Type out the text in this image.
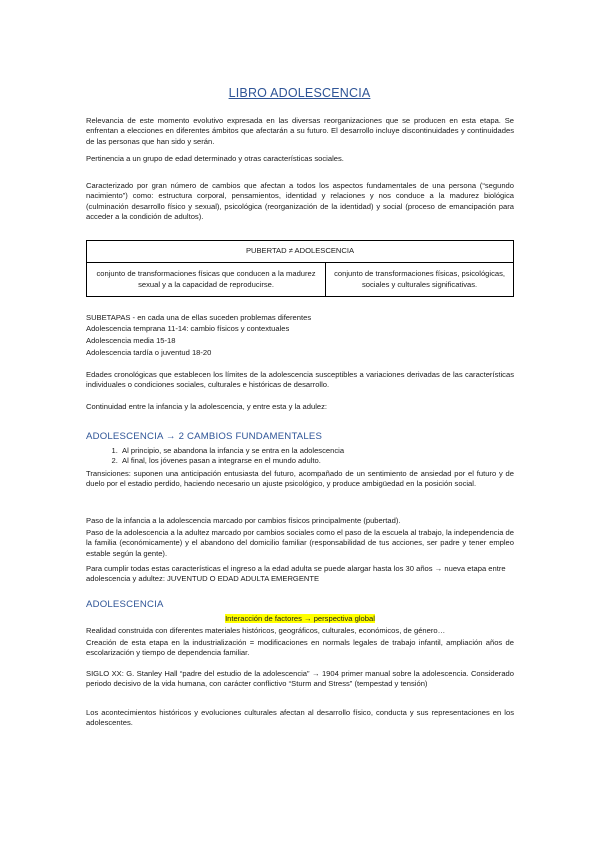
LIBRO ADOLESCENCIA

Relevancia de este momento evolutivo expresada en las diversas reorganizaciones que se producen en esta etapa. Se enfrentan a elecciones en diferentes ámbitos que afectarán a su futuro. El desarrollo incluye discontinuidades y continuidades de las personas que han sido y serán.

Pertinencia a un grupo de edad determinado y otras características sociales.

Caracterizado por gran número de cambios que afectan a todos los aspectos fundamentales de una persona (“segundo nacimiento”) como: estructura corporal, pensamientos, identidad y relaciones y nos conduce a la madurez biológica (culminación desarrollo físico y sexual), psicológica (reorganización de la identidad) y social (proceso de emancipación para acceder a la condición de adultos).

PUBERTAD ≠ ADOLESCENCIA
conjunto de transformaciones físicas que conducen a la madurez sexual y a la capacidad de reproducirse.	conjunto de transformaciones físicas, psicológicas, sociales y culturales significativas.

SUBETAPAS - en cada una de ellas suceden problemas diferentes

Adolescencia temprana 11-14: cambio físicos y contextuales

Adolescencia media 15-18

Adolescencia tardía o juventud 18-20

Edades cronológicas que establecen los límites de la adolescencia susceptibles a variaciones derivadas de las características individuales o condiciones sociales, culturales e históricas de desarrollo.

Continuidad entre la infancia y la adolescencia, y entre esta y la adulez:

ADOLESCENCIA → 2 CAMBIOS FUNDAMENTALES
1. Al principio, se abandona la infancia y se entra en la adolescencia
2. Al final, los jóvenes pasan a integrarse en el mundo adulto.

Transiciones: suponen una anticipación entusiasta del futuro, acompañado de un sentimiento de ansiedad por el futuro y de duelo por el estadio perdido, haciendo necesario un ajuste psicológico, y produce ambigüedad en la posición social.

Paso de la infancia a la adolescencia marcado por cambios físicos principalmente (pubertad).

Paso de la adolescencia a la adultez marcado por cambios sociales como el paso de la escuela al trabajo, la independencia de la familia (económicamente) y el abandono del domicilio familiar (responsabilidad de tus acciones, ser padre y tener empleo estable según la gente).

Para cumplir todas estas características el ingreso a la edad adulta se puede alargar hasta los 30 años → nueva etapa entre adolescencia y adultez: JUVENTUD O EDAD ADULTA EMERGENTE

ADOLESCENCIA
Interacción de factores → perspectiva global

Realidad construida con diferentes materiales históricos, geográficos, culturales, económicos, de género…

Creación de esta etapa en la industrialización = modificaciones en normals legales de trabajo infantil, ampliación años de escolarización y tiempo de dependencia familiar.

SIGLO XX: G. Stanley Hall “padre del estudio de la adolescencia” → 1904 primer manual sobre la adolescencia. Considerado periodo decisivo de la vida humana, con carácter conflictivo “Sturm and Stress” (tempestad y tensión)

Los acontecimientos históricos y evoluciones culturales afectan al desarrollo físico, conducta y sus representaciones en los adolescentes.
